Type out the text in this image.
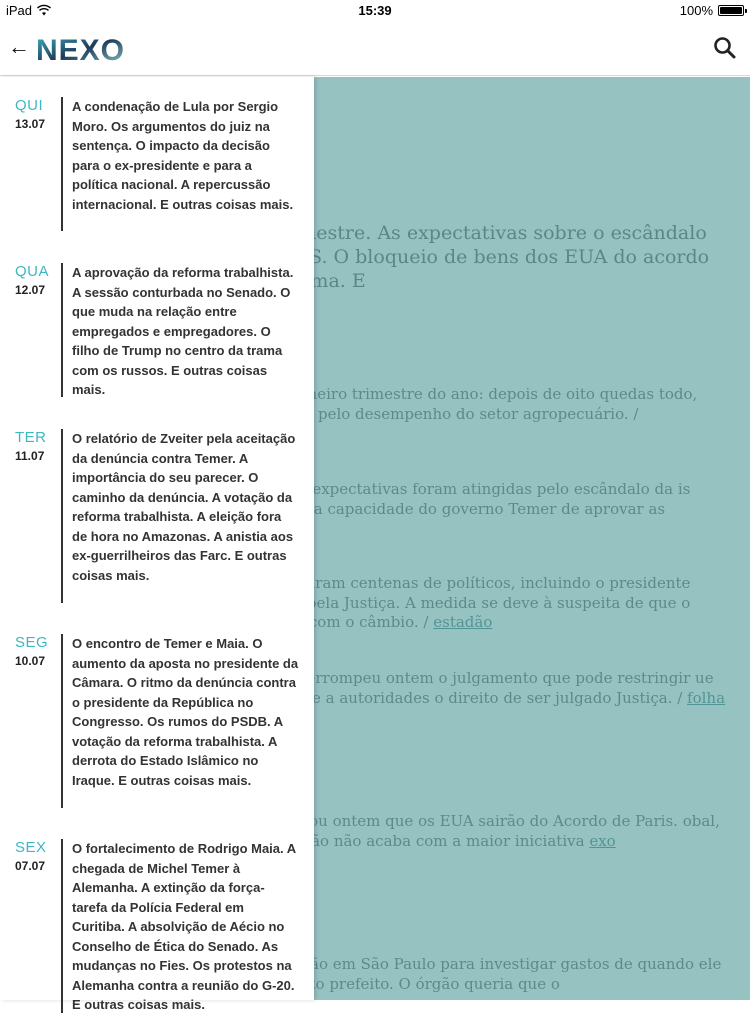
iPad	15:39	100%
← NEXO
QUI
13.07
A condenação de Lula por Sergio Moro. Os argumentos do juiz na sentença. O impacto da decisão para o ex-presidente e para a política nacional. A repercussão internacional. E outras coisas mais.
QUA
12.07
A aprovação da reforma trabalhista. A sessão conturbada no Senado. O que muda na relação entre empregados e empregadores. O filho de Trump no centro da trama com os russos. E outras coisas mais.
TER
11.07
O relatório de Zveiter pela aceitação da denúncia contra Temer. A importância do seu parecer. O caminho da denúncia. A votação da reforma trabalhista. A eleição fora de hora no Amazonas. A anistia aos ex-guerrilheiros das Farc. E outras coisas mais.
SEG
10.07
O encontro de Temer e Maia. O aumento da aposta no presidente da Câmara. O ritmo da denúncia contra o presidente da República no Congresso. Os rumos do PSDB. A votação da reforma trabalhista. A derrota do Estado Islâmico no Iraque. E outras coisas mais.
SEX
07.07
O fortalecimento de Rodrigo Maia. A chegada de Michel Temer à Alemanha. A extinção da força-tarefa da Polícia Federal em Curitiba. A absolvição de Aécio no Conselho de Ética do Senado. As mudanças no Fies. Os protestos na Alemanha contra a reunião do G-20. E outras coisas mais.
